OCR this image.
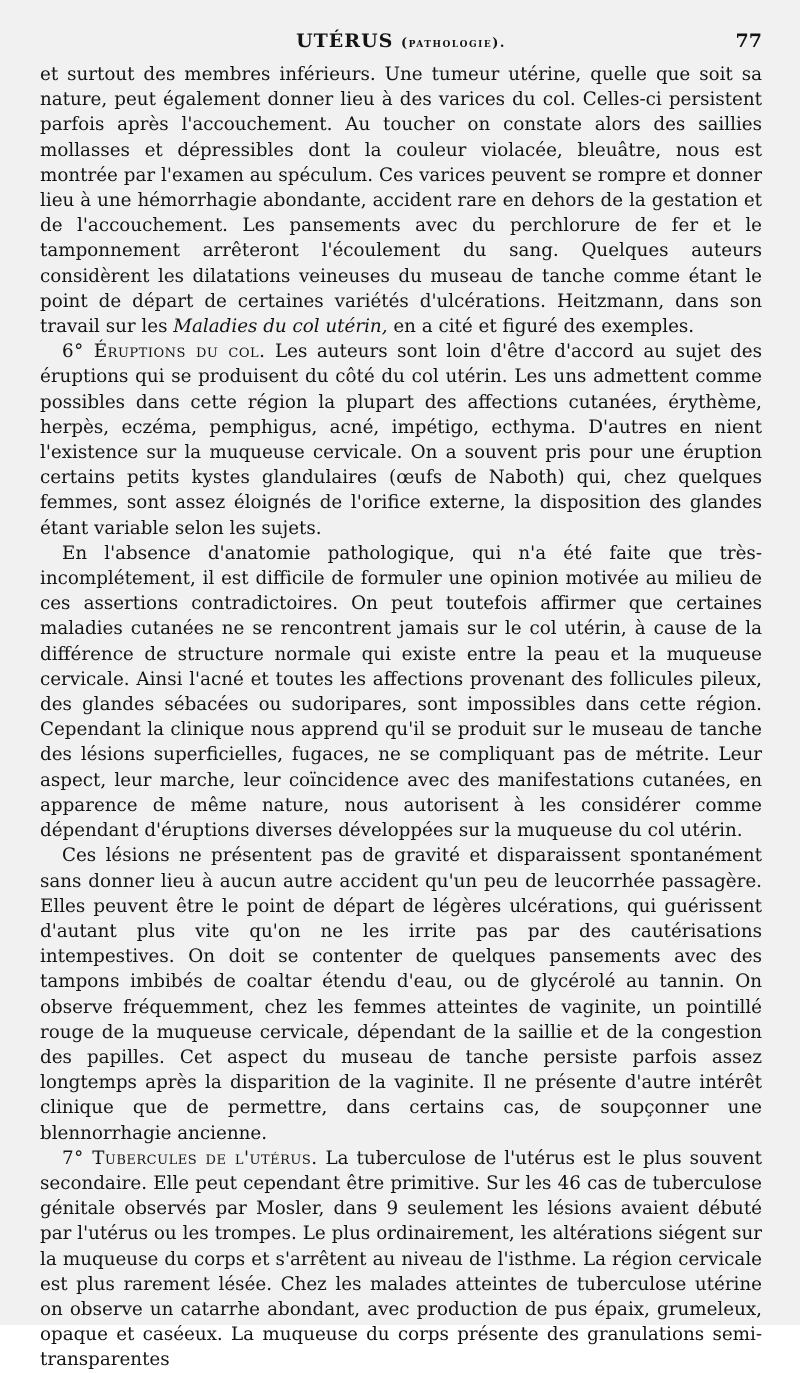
UTÉRUS (pathologie).	77

et surtout des membres inférieurs. Une tumeur utérine, quelle que soit sa nature, peut également donner lieu à des varices du col. Celles-ci persistent parfois après l'accouchement. Au toucher on constate alors des saillies mollasses et dépressibles dont la couleur violacée, bleuâtre, nous est montrée par l'examen au spéculum. Ces varices peuvent se rompre et donner lieu à une hémorrhagie abondante, accident rare en dehors de la gestation et de l'accouchement. Les pansements avec du perchlorure de fer et le tamponnement arrêteront l'écoulement du sang. Quelques auteurs considèrent les dilatations veineuses du museau de tanche comme étant le point de départ de certaines variétés d'ulcérations. Heitzmann, dans son travail sur les Maladies du col utérin, en a cité et figuré des exemples.

6° Éruptions du col. Les auteurs sont loin d'être d'accord au sujet des éruptions qui se produisent du côté du col utérin. Les uns admettent comme possibles dans cette région la plupart des affections cutanées, érythème, herpès, eczéma, pemphigus, acné, impétigo, ecthyma. D'autres en nient l'existence sur la muqueuse cervicale. On a souvent pris pour une éruption certains petits kystes glandulaires (œufs de Naboth) qui, chez quelques femmes, sont assez éloignés de l'orifice externe, la disposition des glandes étant variable selon les sujets.

En l'absence d'anatomie pathologique, qui n'a été faite que très-incomplétement, il est difficile de formuler une opinion motivée au milieu de ces assertions contradictoires. On peut toutefois affirmer que certaines maladies cutanées ne se rencontrent jamais sur le col utérin, à cause de la différence de structure normale qui existe entre la peau et la muqueuse cervicale. Ainsi l'acné et toutes les affections provenant des follicules pileux, des glandes sébacées ou sudoripares, sont impossibles dans cette région. Cependant la clinique nous apprend qu'il se produit sur le museau de tanche des lésions superficielles, fugaces, ne se compliquant pas de métrite. Leur aspect, leur marche, leur coïncidence avec des manifestations cutanées, en apparence de même nature, nous autorisent à les considérer comme dépendant d'éruptions diverses développées sur la muqueuse du col utérin.

Ces lésions ne présentent pas de gravité et disparaissent spontanément sans donner lieu à aucun autre accident qu'un peu de leucorrhée passagère. Elles peuvent être le point de départ de légères ulcérations, qui guérissent d'autant plus vite qu'on ne les irrite pas par des cautérisations intempestives. On doit se contenter de quelques pansements avec des tampons imbibés de coaltar étendu d'eau, ou de glycérolé au tannin. On observe fréquemment, chez les femmes atteintes de vaginite, un pointillé rouge de la muqueuse cervicale, dépendant de la saillie et de la congestion des papilles. Cet aspect du museau de tanche persiste parfois assez longtemps après la disparition de la vaginite. Il ne présente d'autre intérêt clinique que de permettre, dans certains cas, de soupçonner une blennorrhagie ancienne.

7° Tubercules de l'utérus. La tuberculose de l'utérus est le plus souvent secondaire. Elle peut cependant être primitive. Sur les 46 cas de tuberculose génitale observés par Mosler, dans 9 seulement les lésions avaient débuté par l'utérus ou les trompes. Le plus ordinairement, les altérations siégent sur la muqueuse du corps et s'arrêtent au niveau de l'isthme. La région cervicale est plus rarement lésée. Chez les malades atteintes de tuberculose utérine on observe un catarrhe abondant, avec production de pus épaix, grumeleux, opaque et caséeux. La muqueuse du corps présente des granulations semi-transparentes
